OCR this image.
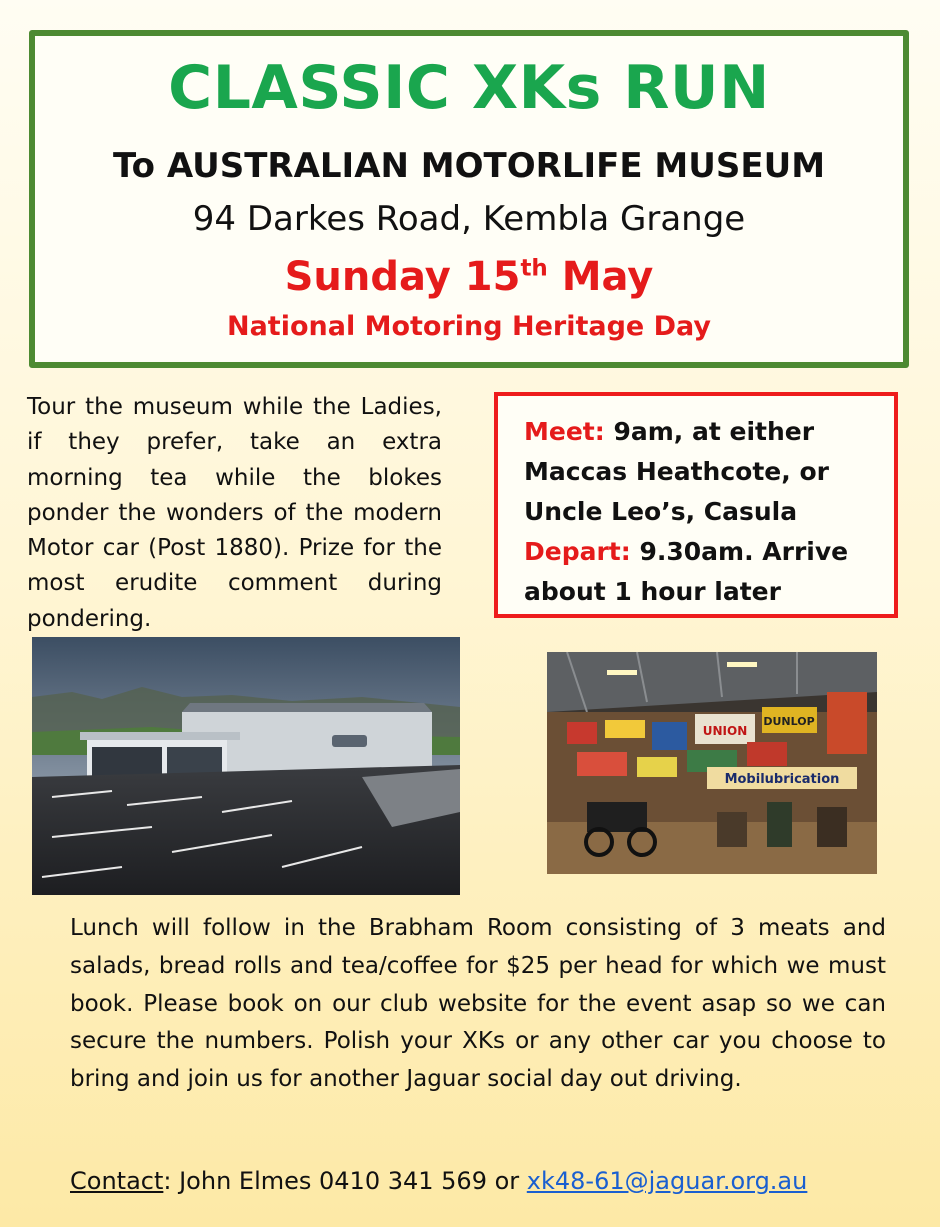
CLASSIC XKs RUN
To AUSTRALIAN MOTORLIFE MUSEUM
94 Darkes Road, Kembla Grange
Sunday 15th May
National Motoring Heritage Day

Tour the museum while the Ladies, if they prefer, take an extra morning tea while the blokes ponder the wonders of the modern Motor car (Post 1880). Prize for the most erudite comment during pondering.

Meet: 9am, at either Maccas Heathcote, or Uncle Leo’s, Casula
Depart: 9.30am. Arrive about 1 hour later
UNION
DUNLOP
Mobilubrication

Lunch will follow in the Brabham Room consisting of 3 meats and salads, bread rolls and tea/coffee for $25 per head for which we must book. Please book on our club website for the event asap so we can secure the numbers. Polish your XKs or any other car you choose to bring and join us for another Jaguar social day out driving.

Contact: John Elmes 0410 341 569 or xk48-61@jaguar.org.au
